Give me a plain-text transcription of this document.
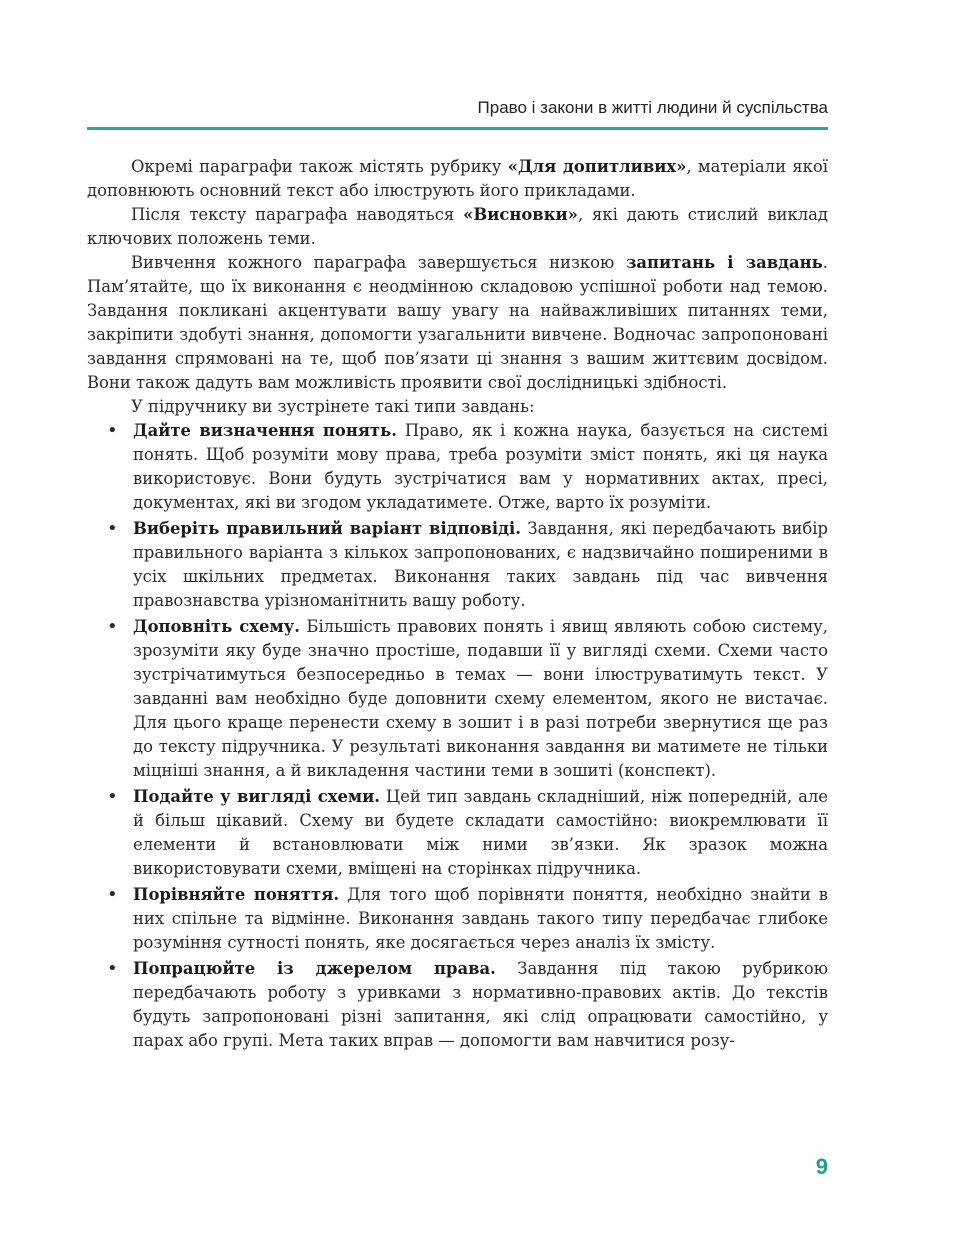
Право і закони в житті людини й суспільства

Окремі параграфи також містять рубрику «Для допитливих», матеріали якої доповнюють основний текст або ілюструють його прикладами.

Після тексту параграфа наводяться «Висновки», які дають стислий виклад ключових положень теми.

Вивчення кожного параграфа завершується низкою запитань і завдань. Пам’ятайте, що їх виконання є неодмінною складовою успішної роботи над темою. Завдання покликані акцентувати вашу увагу на найважливіших питаннях теми, закріпити здобуті знання, допомогти узагальнити вивчене. Водночас запропоновані завдання спрямовані на те, щоб пов’язати ці знання з вашим життєвим досвідом. Вони також дадуть вам можливість проявити свої дослідницькі здібності.

У підручнику ви зустрінете такі типи завдань:

• Дайте визначення понять. Право, як і кожна наука, базується на системі понять. Щоб розуміти мову права, треба розуміти зміст понять, які ця наука використовує. Вони будуть зустрічатися вам у нормативних актах, пресі, документах, які ви згодом укладатимете. Отже, варто їх розуміти.
• Виберіть правильний варіант відповіді. Завдання, які передбачають вибір правильного варіанта з кількох запропонованих, є надзвичайно поширеними в усіх шкільних предметах. Виконання таких завдань під час вивчення правознавства урізноманітнить вашу роботу.
• Доповніть схему. Більшість правових понять і явищ являють собою систему, зрозуміти яку буде значно простіше, подавши її у вигляді схеми. Схеми часто зустрічатимуться безпосередньо в темах — вони ілюструватимуть текст. У завданні вам необхідно буде доповнити схему елементом, якого не вистачає. Для цього краще перенести схему в зошит і в разі потреби звернутися ще раз до тексту підручника. У результаті виконання завдання ви матимете не тільки міцніші знання, а й викладення частини теми в зошиті (конспект).
• Подайте у вигляді схеми. Цей тип завдань складніший, ніж попередній, але й більш цікавий. Схему ви будете складати самостійно: виокремлювати її елементи й встановлювати між ними зв’язки. Як зразок можна використовувати схеми, вміщені на сторінках підручника.
• Порівняйте поняття. Для того щоб порівняти поняття, необхідно знайти в них спільне та відмінне. Виконання завдань такого типу передбачає глибоке розуміння сутності понять, яке досягається через аналіз їх змісту.
• Попрацюйте із джерелом права. Завдання під такою рубрикою передбачають роботу з уривками з нормативно-правових актів. До текстів будуть запропоновані різні запитання, які слід опрацювати самостійно, у парах або групі. Мета таких вправ — допомогти вам навчитися розу-
9
